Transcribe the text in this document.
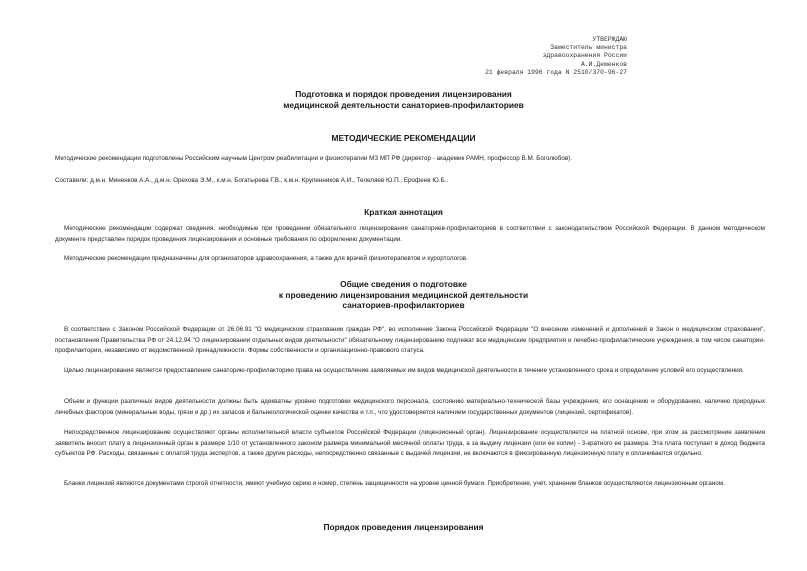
УТВЕРЖДАЮ
Заместитель министра
здравоохранения России
А.И.Деменков
21 февраля 1996 года N 2510/370-96-27
Подготовка и порядок проведения лицензирования
медицинской деятельности санаториев-профилакториев
МЕТОДИЧЕСКИЕ РЕКОМЕНДАЦИИ
Методические рекомендации подготовлены Российским научным Центром реабилитации и физиотерапии МЗ МП РФ (директор - академик РАМН, профессор В.М. Боголюбов).
Составили: д.м.н. Миненков А.А., д.м.н. Орехова Э.М., к.м.н. Богатырева Г.В., к.м.н. Крупенников А.И., Телеляев Ю.П., Ерофеев Ю.Б..
Краткая аннотация
Методические рекомендации содержат сведения, необходимые при проведении обязательного лицензирования санаториев-профилакториев в соответствии с законодательством Российской Федерации. В данном методическом документе представлен порядок проведения лицензирования и основные требования по оформлению документации.
Методические рекомендации предназначены для организаторов здравоохранения, а также для врачей физиотерапевтов и курортологов.
Общие сведения о подготовке
к проведению лицензирования медицинской деятельности
санаториев-профилакториев
В соответствии с Законом Российской Федерации от 26.06.91 "О медицинском страховании граждан РФ", во исполнение Закона Российской Федерации "О внесении изменений и дополнений в Закон о медицинском страховании", постановления Правительства РФ от 24.12.94 "О лицензировании отдельных видов деятельности" обязательному лицензированию подлежат все медицинские предприятия и лечебно-профилактические учреждения, в том числе санатории-профилактории, независимо от ведомственной принадлежности. Формы собственности и организационно-правового статуса.
Целью лицензирования является предоставление санаторию-профилакторию права на осуществление заявляемых им видов медицинской деятельности в течение установленного срока и определение условий его осуществления.
Объем и функции различных видов деятельности должны быть адекватны уровню подготовки медицинского персонала, состоянию материально-технической базы учреждения, его оснащению и оборудованию, наличию природных лечебных факторов (минеральные воды, грязи и др.) их запасов и бальнеологической оценки качества и т.п., что удостоверяется наличием государственных документов (лицензий, сертификатов).
Непосредственное лицензирование осуществляют органы исполнительной власти субъектов Российской Федерации (лицензионный орган). Лицензирование осуществляется на платной основе, при этом за рассмотрение заявления заявитель вносит плату в лицензионный орган в размере 1/10 от установленного законом размера минимальной месячной оплаты труда, а за выдачу лицензии (или ее копии) - 3-кратного ее размера. Эта плата поступает в доход бюджета субъектов РФ. Расходы, связанные с оплатой труда экспертов, а также другие расходы, непосредственно связанные с выдачей лицензии, не включаются в фиксированную лицензионную плату и оплачиваются отдельно.
Бланки лицензий являются документами строгой отчетности, имеют учебную серию и номер, степень защищенности на уровне ценной бумаги. Приобретение, учет, хранение бланков осуществляются лицензионным органом.
Порядок проведения лицензирования
